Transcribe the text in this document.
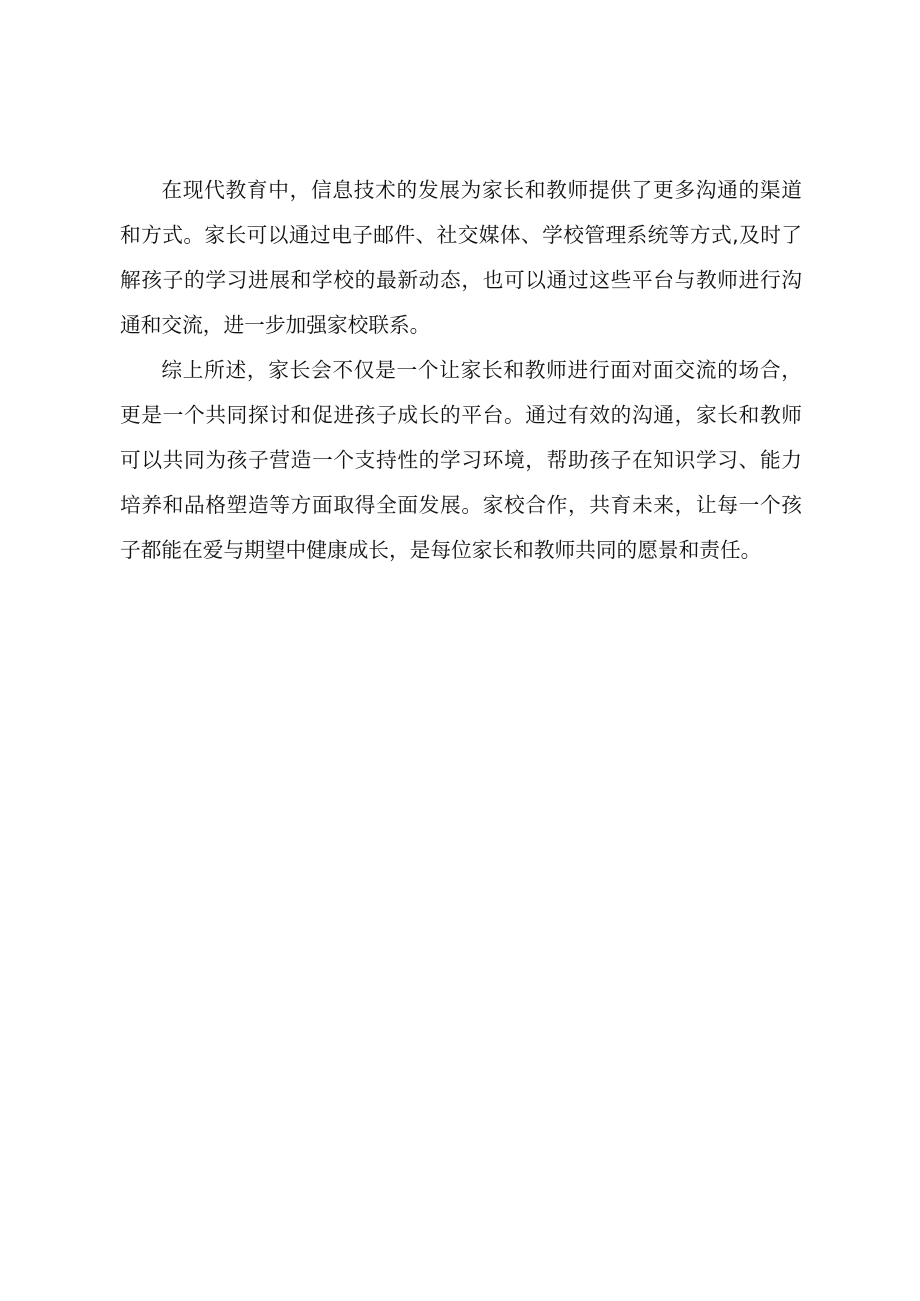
在现代教育中，信息技术的发展为家长和教师提供了更多沟通的渠道和方式。家长可以通过电子邮件、社交媒体、学校管理系统等方式,及时了解孩子的学习进展和学校的最新动态，也可以通过这些平台与教师进行沟通和交流，进一步加强家校联系。

综上所述，家长会不仅是一个让家长和教师进行面对面交流的场合，更是一个共同探讨和促进孩子成长的平台。通过有效的沟通，家长和教师可以共同为孩子营造一个支持性的学习环境，帮助孩子在知识学习、能力培养和品格塑造等方面取得全面发展。家校合作，共育未来，让每一个孩子都能在爱与期望中健康成长，是每位家长和教师共同的愿景和责任。
